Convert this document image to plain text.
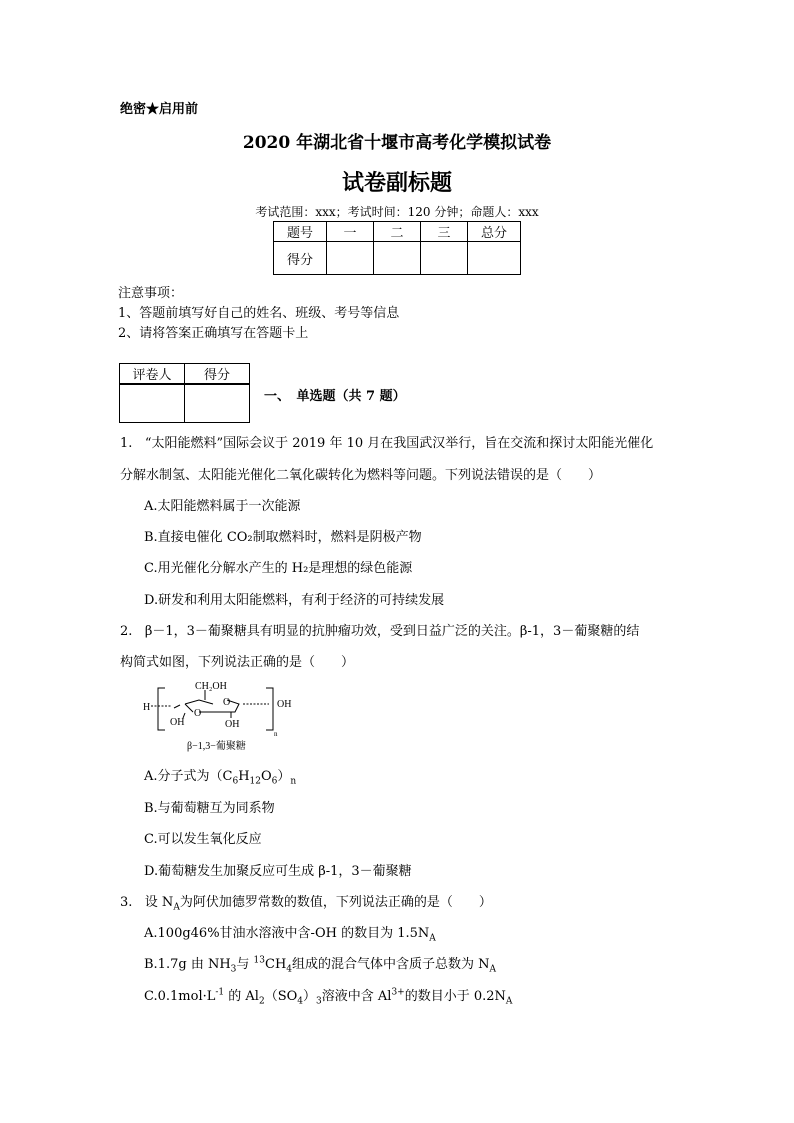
绝密★启用前
2020 年湖北省十堰市高考化学模拟试卷
试卷副标题
考试范围：xxx；考试时间：120 分钟；命题人：xxx
题号	一	二	三	总分
得分				
注意事项：
1、答题前填写好自己的姓名、班级、考号等信息
2、请将答案正确填写在答题卡上
评卷人	得分

一、　单选题（共 7 题）
1. “太阳能燃料”国际会议于 2019 年 10 月在我国武汉举行，旨在交流和探讨太阳能光催化
分解水制氢、太阳能光催化二氧化碳转化为燃料等问题。下列说法错误的是（　　）
A.太阳能燃料属于一次能源
B.直接电催化 CO₂制取燃料时，燃料是阴极产物
C.用光催化分解水产生的 H₂是理想的绿色能源
D.研发和利用太阳能燃料，有利于经济的可持续发展
2. β－1，3－葡聚糖具有明显的抗肿瘤功效，受到日益广泛的关注。β-1，3－葡聚糖的结
构简式如图，下列说法正确的是（　　）
H
CH₂OH
O
O
OH	OH
OH
n
β−1,3−葡聚糖
A.分子式为$(C_6H_{12}O_6)_n$
B.与葡萄糖互为同系物
C.可以发生氧化反应
D.葡萄糖发生加聚反应可生成 β-1，3－葡聚糖
3.   设 $N_A$为阿伏加德罗常数的数值，下列说法正确的是（　　）
A.100g46%甘油水溶液中含-OH 的数目为 $1.5N_A$
B.1.7g 由 $NH_3$与 $^{13}CH_4$组成的混合气体中含质子总数为 $N_A$
$C.0.1mol\cdot L^{-1}$ 的 $Al_2(SO_4)_3$溶液中含 $Al^{3+}$的数目小于 $0.2N_A$
